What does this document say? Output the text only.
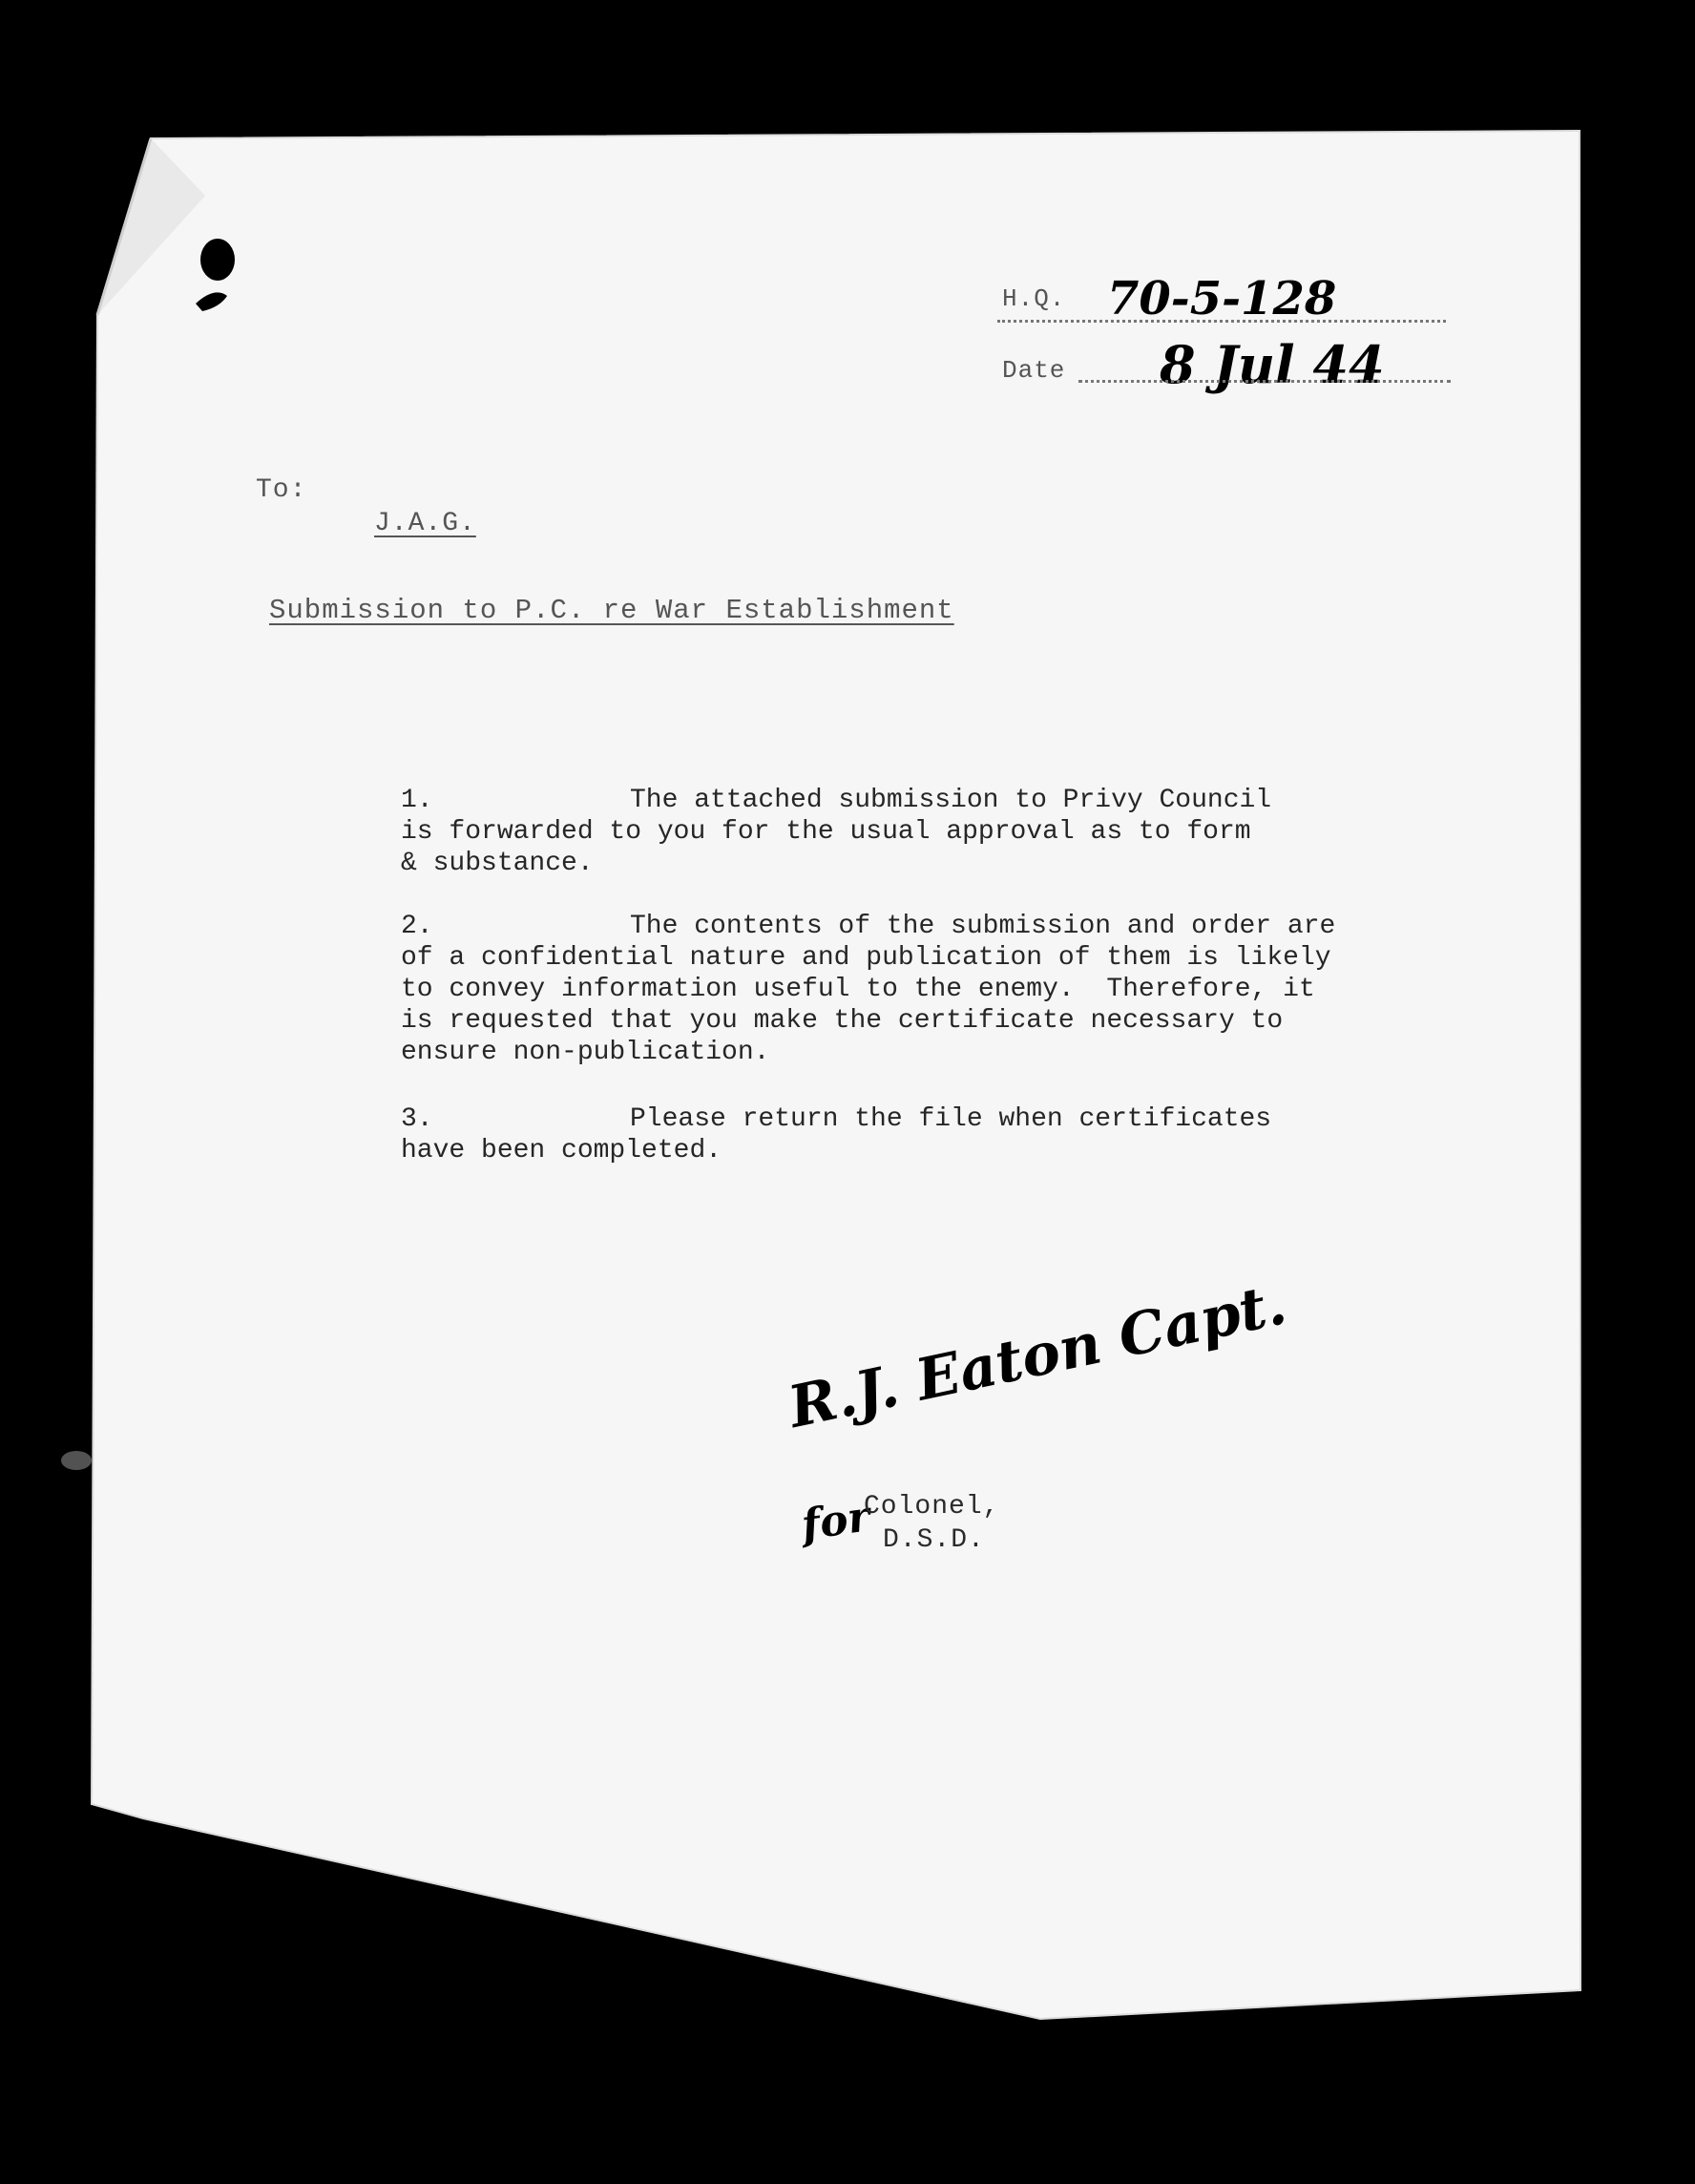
H.Q. 70-5-128
Date 8 Jul 44
To:
J.A.G.
Submission to P.C. re War Establishment
1.	The attached submission to Privy Council
is forwarded to you for the usual approval as to form
& substance.
2.	The contents of the submission and order are
of a confidential nature and publication of them is likely
to convey information useful to the enemy.  Therefore, it
is requested that you make the certificate necessary to
ensure non-publication.
3.	Please return the file when certificates
have been completed.
R.J. Eaton Capt.
for
Colonel,
D.S.D.
